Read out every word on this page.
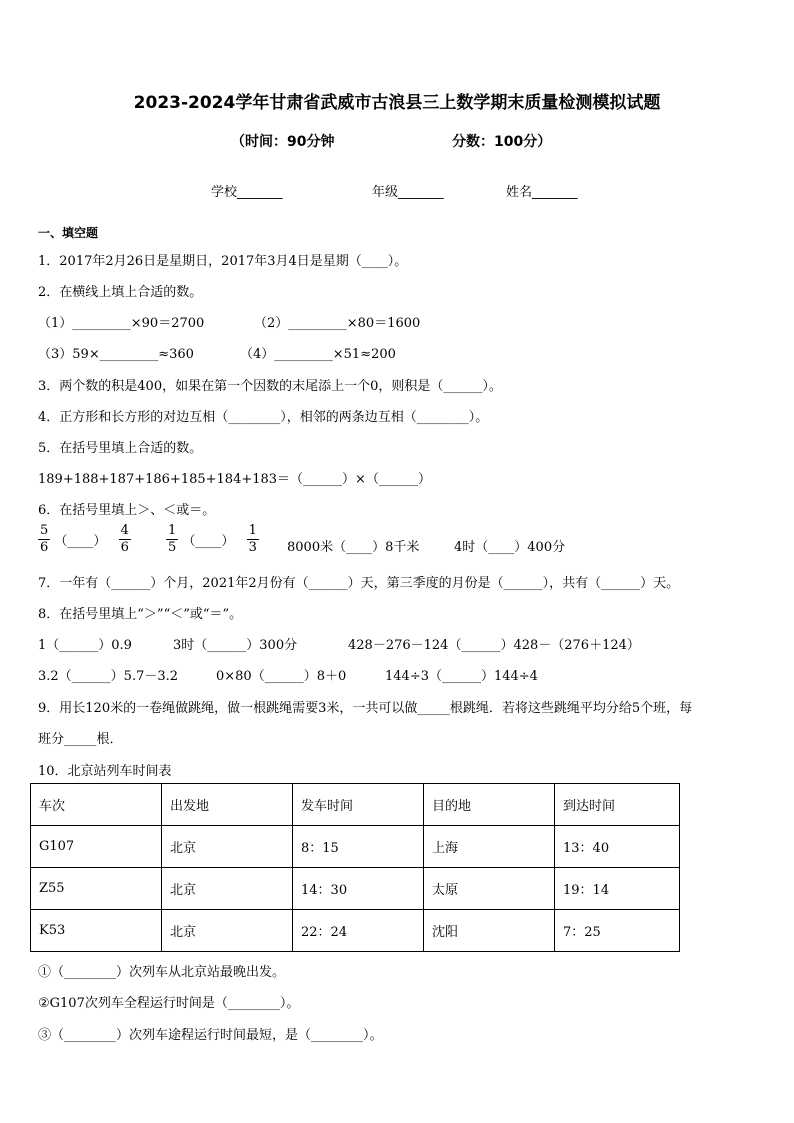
2023-2024学年甘肃省武威市古浪县三上数学期末质量检测模拟试题
（时间：90分钟	分数：100分）
学校_______	年级_______	姓名_______
一、填空题
1．2017年2月26日是星期日，2017年3月4日是星期（____）。
2．在横线上填上合适的数。
（1）_________×90＝2700	（2）_________×80＝1600
（3）59×_________≈360	（4）_________×51≈200
3．两个数的积是400，如果在第一个因数的末尾添上一个0，则积是（______）。
4．正方形和长方形的对边互相（________），相邻的两条边互相（________）。
5．在括号里填上合适的数。
189+188+187+186+185+184+183＝（______）×（______）
6．在括号里填上＞、＜或＝。
$\frac{5}{6}$ （____） $\frac{4}{6}$	$\frac{1}{5}$ （____） $\frac{1}{3} 8000$米（____）8千米	4时（____）400分
7．一年有（______）个月，2021年2月份有（______）天，第三季度的月份是（______），共有（______）天。
8．在括号里填上“＞”“＜”或“＝”。
1（______）0.9	3时（______）300分	428－276－124（______）428－（276＋124）
3.2（______）5.7－3.2	0×80（______）8＋0	144÷3（______）144÷4
9．用长120米的一卷绳做跳绳，做一根跳绳需要3米，一共可以做_____根跳绳．若将这些跳绳平均分给5个班，每
班分_____根．
10．北京站列车时间表
车次	出发地	发车时间	目的地	到达时间
G107	北京	8：15	上海	13：40
Z55	北京	14：30	太原	19：14
K53	北京	22：24	沈阳	7：25
①（________）次列车从北京站最晚出发。
②G107次列车全程运行时间是（________）。
③（________）次列车途程运行时间最短，是（________）。
